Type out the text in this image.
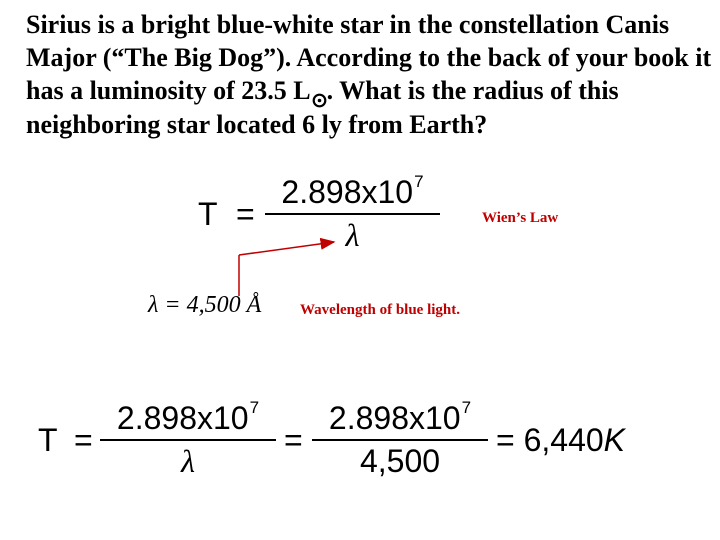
Sirius is a bright blue-white star in the constellation Canis Major (“The Big Dog”). According to the back of your book it has a luminosity of 23.5 L . What is the radius of this neighboring star located 6 ly from Earth?

T =
$2.898x10^7$
λ	Wien’s Law
λ = 4,500 Å	Wavelength of blue light.
T =
$2.898x10^7$
λ
=
$2.898x10^7$
4,500
= 6,440K
